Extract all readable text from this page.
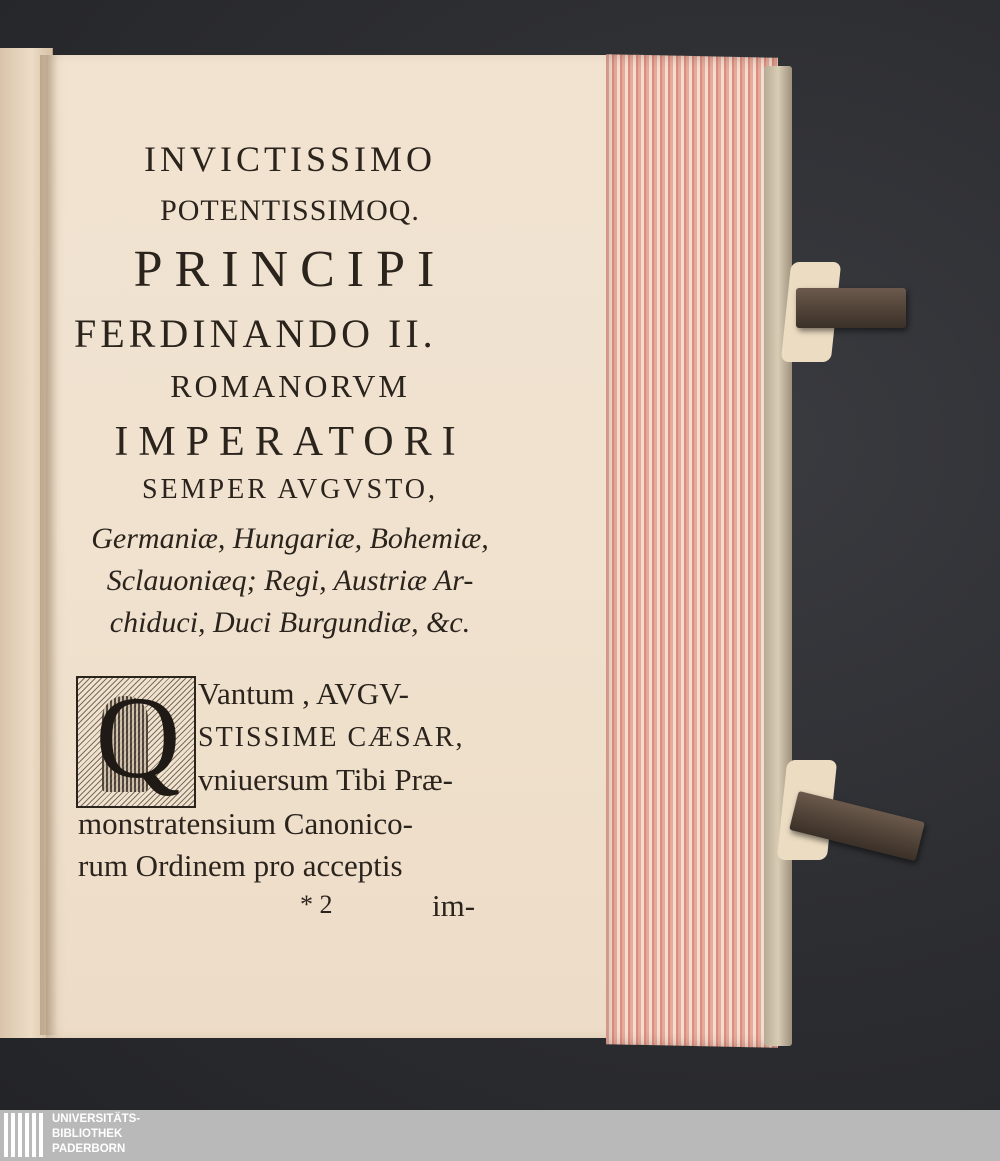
INVICTISSIMO
POTENTISSIMOQ.
PRINCIPI
FERDINANDO II.
ROMANORVM
IMPERATORI
SEMPER AVGVSTO,
Germaniæ, Hungariæ, Bohemiæ,
Sclauoniæq; Regi, Austriæ Ar-
chiduci, Duci Burgundiæ, &c.
Q Vantum , AVGV-
STISSIME CÆSAR,
vniuersum Tibi Præ-
monstratensium Canonico-
rum Ordinem pro acceptis
* 2	im-
UNIVERSITÄTS-
BIBLIOTHEK
PADERBORN
